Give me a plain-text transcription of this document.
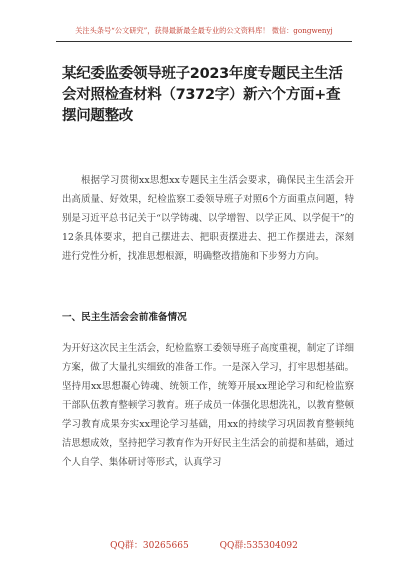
关注头条号“公文研究”，获得最新最全最专业的公文资料库！ 微信：gongwenyj
某纪委监委领导班子2023年度专题民主生活会对照检查材料（7372字）新六个方面+查摆问题整改

根据学习贯彻xx思想xx专题民主生活会要求，确保民主生活会开出高质量、好效果，纪检监察工委领导班子对照6个方面重点问题，特别是习近平总书记关于“以学铸魂、以学增智、以学正风、以学促干”的12条具体要求，把自己摆进去、把职责摆进去、把工作摆进去，深刻进行党性分析，找准思想根源，明确整改措施和下步努力方向。

一、民主生活会会前准备情况

为开好这次民主生活会，纪检监察工委领导班子高度重视，制定了详细方案，做了大量扎实细致的准备工作。一是深入学习，打牢思想基础。坚持用xx思想凝心铸魂、统领工作，统筹开展xx理论学习和纪检监察干部队伍教育整顿学习教育。班子成员一体强化思想洗礼，以教育整顿学习教育成果夯实xx理论学习基础，用xx的持续学习巩固教育整顿纯洁思想成效，坚持把学习教育作为开好民主生活会的前提和基础，通过个人自学、集体研讨等形式，认真学习

QQ群：30265665	QQ群:535304092
